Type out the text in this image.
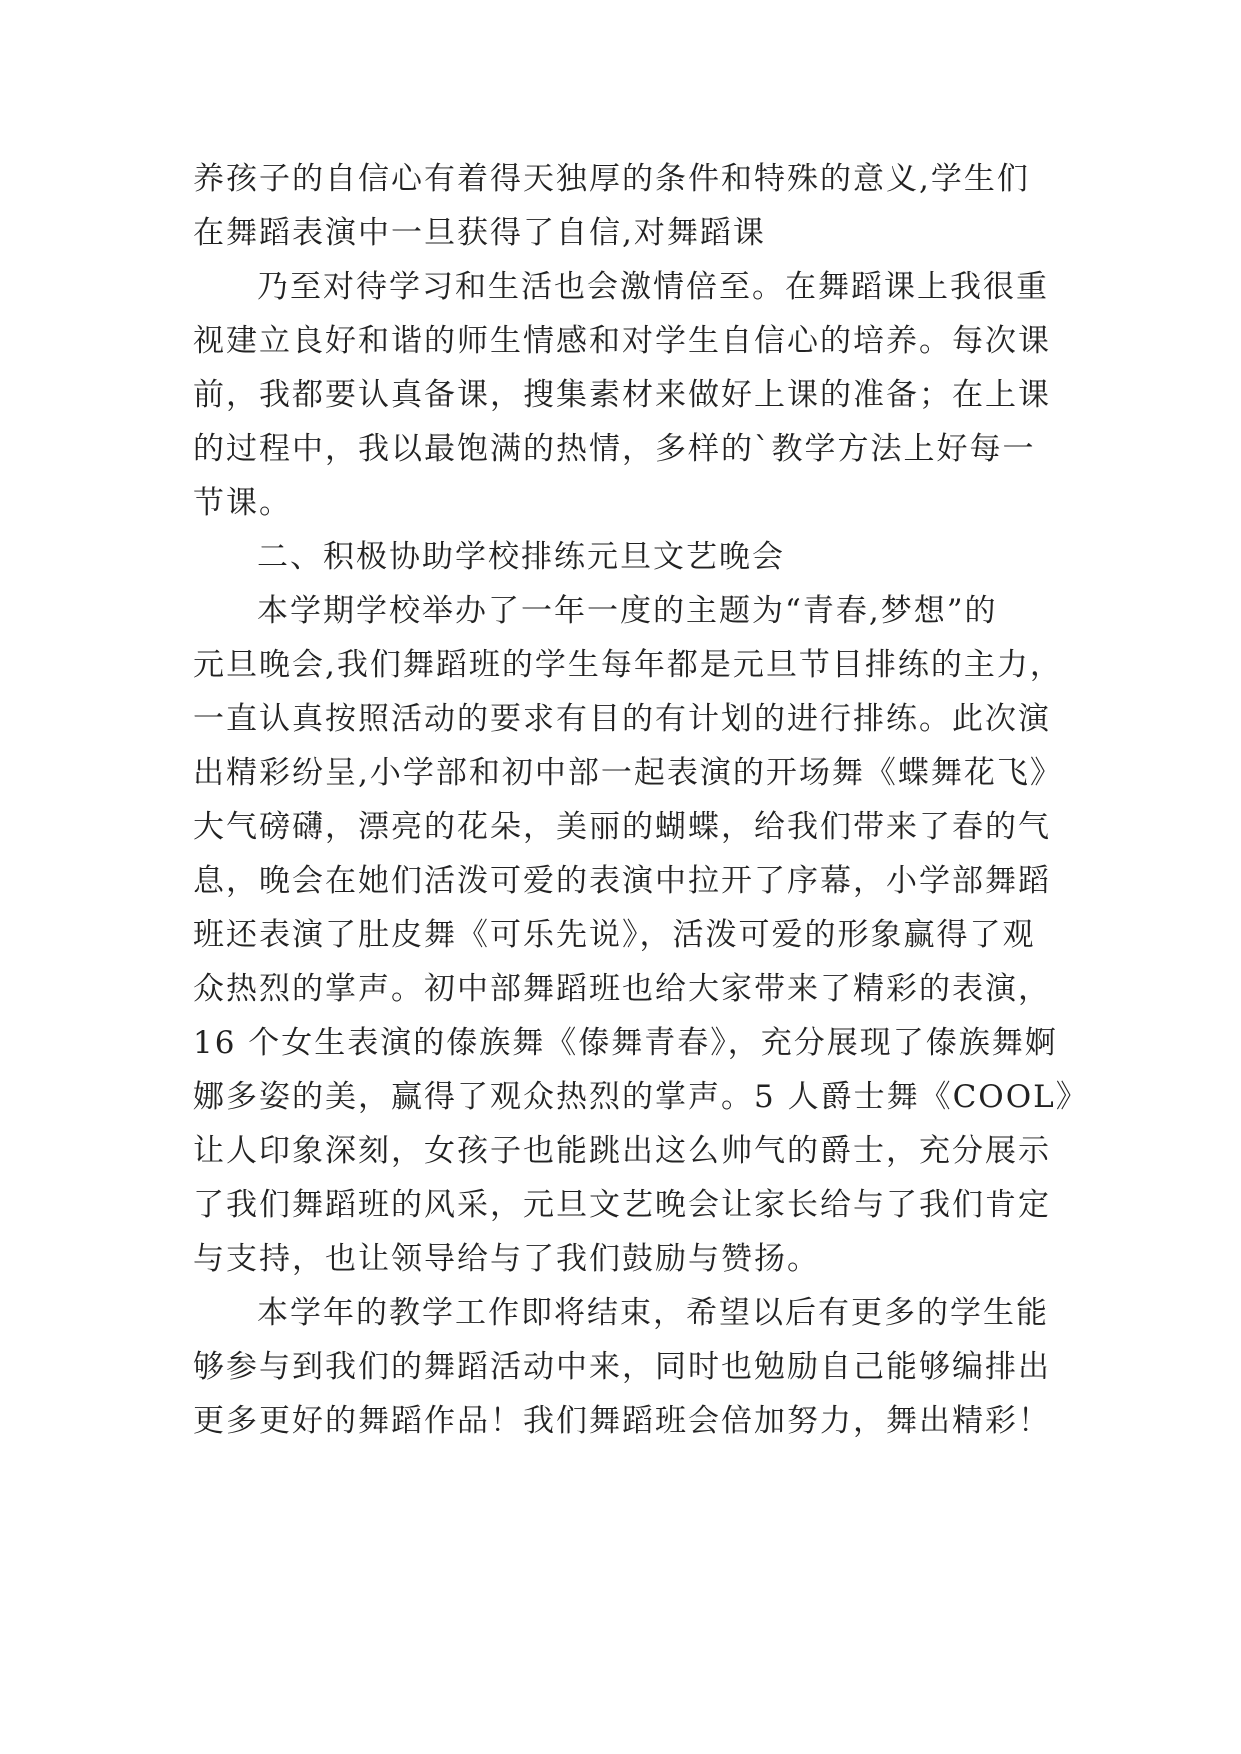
养孩子的自信心有着得天独厚的条件和特殊的意义,学生们
在舞蹈表演中一旦获得了自信,对舞蹈课
乃至对待学习和生活也会激情倍至。在舞蹈课上我很重
视建立良好和谐的师生情感和对学生自信心的培养。每次课
前，我都要认真备课，搜集素材来做好上课的准备；在上课
的过程中，我以最饱满的热情，多样的`教学方法上好每一
节课。
二、积极协助学校排练元旦文艺晚会
本学期学校举办了一年一度的主题为“青春,梦想”的
元旦晚会,我们舞蹈班的学生每年都是元旦节目排练的主力，
一直认真按照活动的要求有目的有计划的进行排练。此次演
出精彩纷呈,小学部和初中部一起表演的开场舞《蝶舞花飞》
大气磅礴，漂亮的花朵，美丽的蝴蝶，给我们带来了春的气
息，晚会在她们活泼可爱的表演中拉开了序幕，小学部舞蹈
班还表演了肚皮舞《可乐先说》，活泼可爱的形象赢得了观
众热烈的掌声。初中部舞蹈班也给大家带来了精彩的表演，
16 个女生表演的傣族舞《傣舞青春》，充分展现了傣族舞婀
娜多姿的美，赢得了观众热烈的掌声。5 人爵士舞《COOL》
让人印象深刻，女孩子也能跳出这么帅气的爵士，充分展示
了我们舞蹈班的风采，元旦文艺晚会让家长给与了我们肯定
与支持，也让领导给与了我们鼓励与赞扬。
本学年的教学工作即将结束，希望以后有更多的学生能
够参与到我们的舞蹈活动中来，同时也勉励自己能够编排出
更多更好的舞蹈作品！我们舞蹈班会倍加努力，舞出精彩！
